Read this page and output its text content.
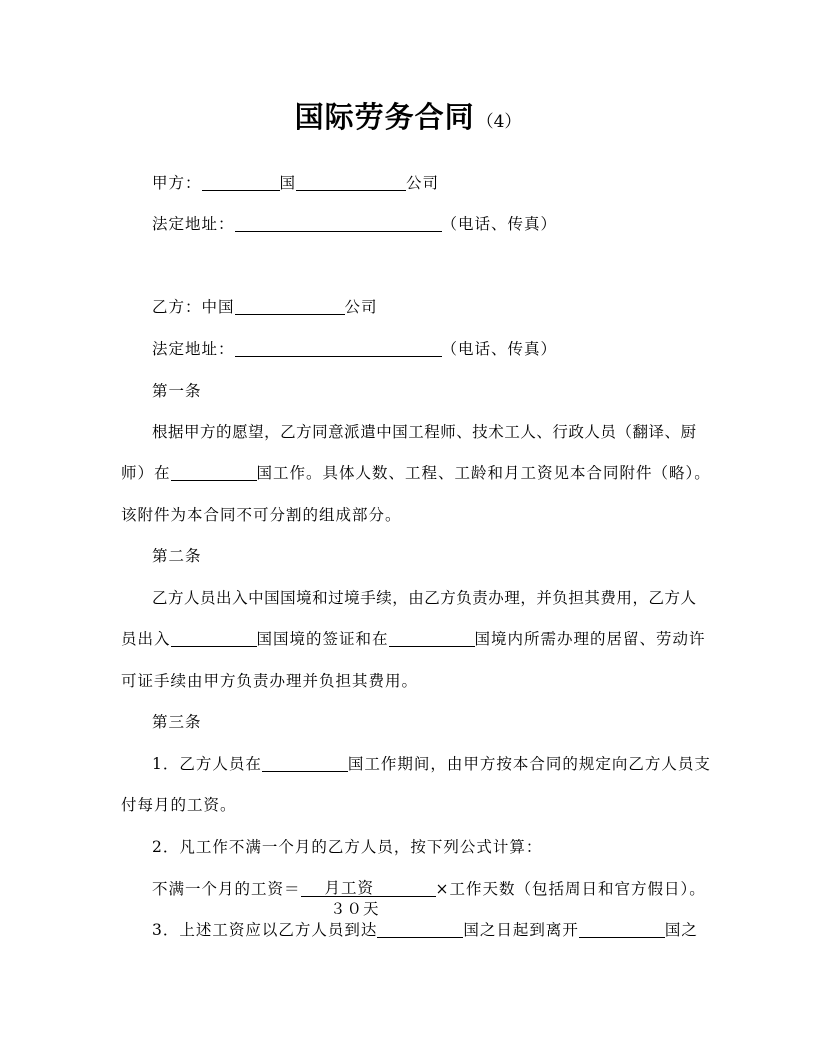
国际劳务合同 （4）
甲方：	国	公司
法定地址：	（电话、传真）
乙方：中国	公司
法定地址：	（电话、传真）
第一条
根据甲方的愿望，乙方同意派遣中国工程师、技术工人、行政人员（翻译、厨
师）在	国工作。具体人数、工程、工龄和月工资见本合同附件（略）。
该附件为本合同不可分割的组成部分。
第二条
乙方人员出入中国国境和过境手续，由乙方负责办理，并负担其费用，乙方人
员出入	国国境的签证和在	国境内所需办理的居留、劳动许
可证手续由甲方负责办理并负担其费用。
第三条
1．乙方人员在	国工作期间，由甲方按本合同的规定向乙方人员支
付每月的工资。
2．凡工作不满一个月的乙方人员，按下列公式计算：
不满一个月的工资＝ 月工资	×工作天数（包括周日和官方假日）。
３０天
3．上述工资应以乙方人员到达	国之日起到离开	国之
